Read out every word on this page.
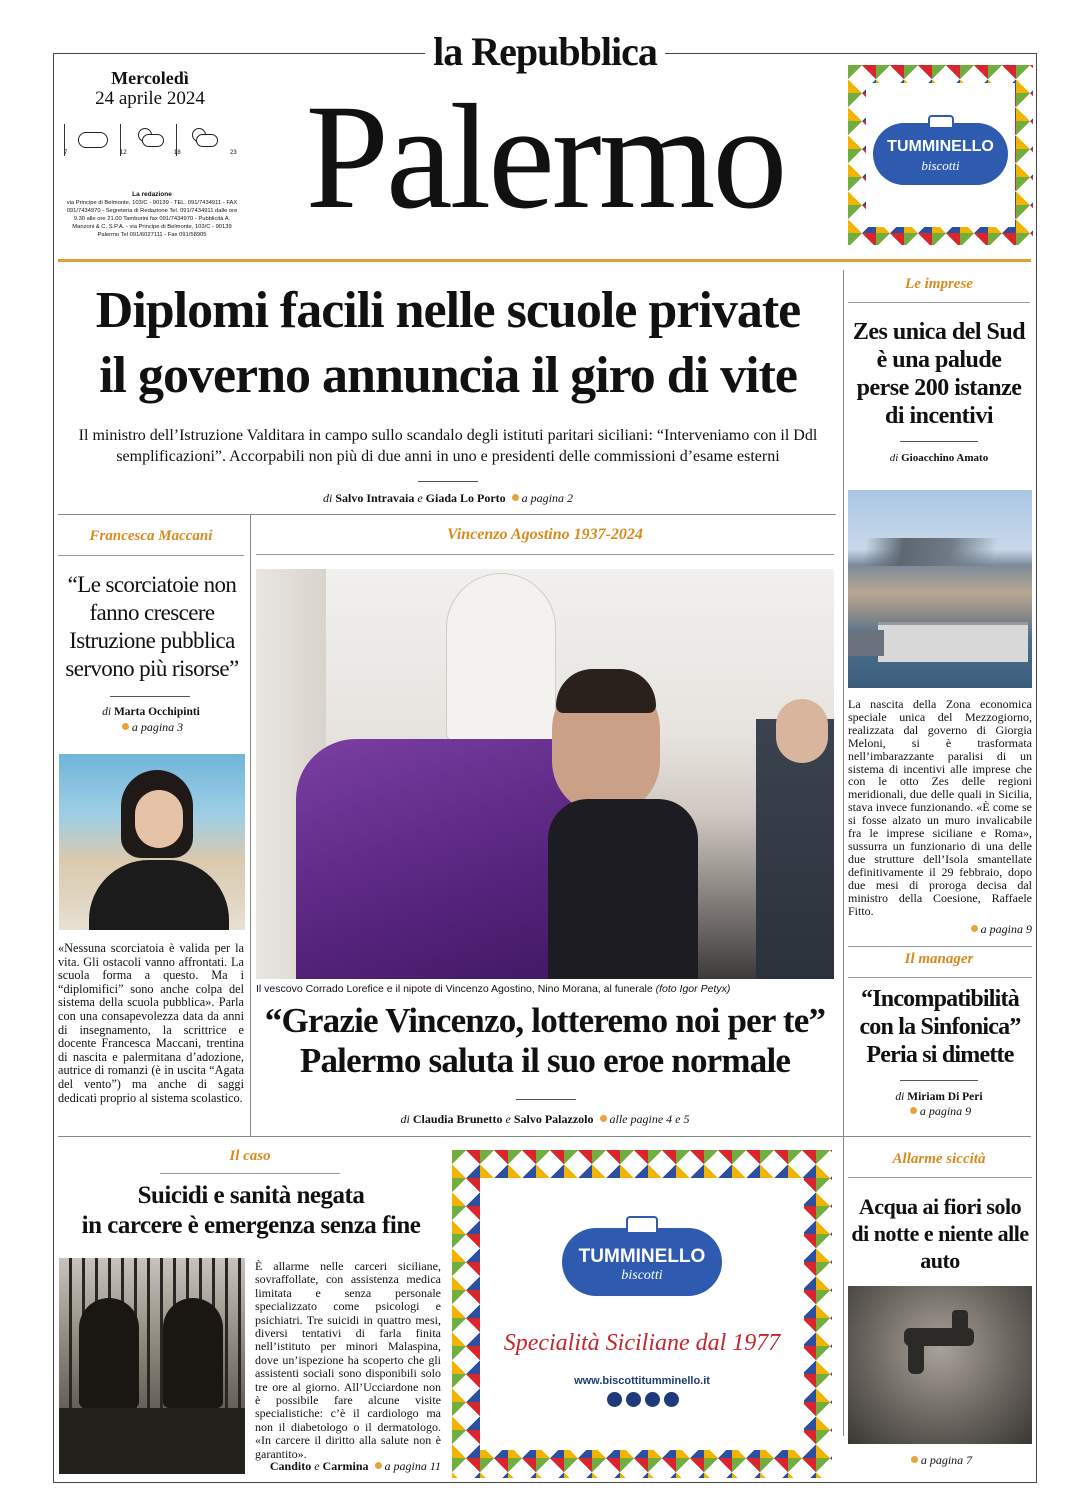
la Repubblica
Palermo
Mercoledì
24 aprile 2024
7	12	18	23
La redazione
via Principe di Belmonte, 103/C - 90139 - TEL. 091/7434911 - FAX 091/7434970 - Segreteria di Redazione Tel. 091/7434911 dalle ore 9.30 alle ore 21.00 Tamburini fax 091/7434970 - Pubblicità A. Manzoni & C. S.P.A. - via Principe di Belmonte, 103/C - 90139 Palermo Tel 091/6027111 - Fax 091/58905
TUMMINELLO
biscotti
Diplomi facili nelle scuole private
il governo annuncia il giro di vite
Il ministro dell’Istruzione Valditara in campo sullo scandalo degli istituti paritari siciliani: “Interveniamo con il Ddl semplificazioni”. Accorpabili non più di due anni in uno e presidenti delle commissioni d’esame esterni
di Salvo Intravaia e Giada Lo Porto a pagina 2
Le imprese
Zes unica del Sud è una palude perse 200 istanze di incentivi
di Gioacchino Amato
La nascita della Zona economica speciale unica del Mezzogiorno, realizzata dal governo di Giorgia Meloni, si è trasformata nell’imbarazzante paralisi di un sistema di incentivi alle imprese che con le otto Zes delle regioni meridionali, due delle quali in Sicilia, stava invece funzionando. «È come se si fosse alzato un muro invalicabile fra le imprese siciliane e Roma», sussurra un funzionario di una delle due strutture dell’Isola smantellate definitivamente il 29 febbraio, dopo due mesi di proroga decisa dal ministro della Coesione, Raffaele Fitto.
a pagina 9
Il manager
“Incompatibilità con la Sinfonica” Peria si dimette
di Miriam Di Peri
a pagina 9
Francesca Maccani
“Le scorciatoie non fanno crescere Istruzione pubblica servono più risorse”
di Marta Occhipinti
a pagina 3
«Nessuna scorciatoia è valida per la vita. Gli ostacoli vanno affrontati. La scuola forma a questo. Ma i “diplomifici” sono anche colpa del sistema della scuola pubblica». Parla con una consapevolezza data da anni di insegnamento, la scrittrice e docente Francesca Maccani, trentina di nascita e palermitana d’adozione, autrice di romanzi (è in uscita “Agata del vento”) ma anche di saggi dedicati proprio al sistema scolastico.
Vincenzo Agostino 1937-2024
Il vescovo Corrado Lorefice e il nipote di Vincenzo Agostino, Nino Morana, al funerale (foto Igor Petyx)
“Grazie Vincenzo, lotteremo noi per te”
Palermo saluta il suo eroe normale
di Claudia Brunetto e Salvo Palazzolo alle pagine 4 e 5
Il caso
Suicidi e sanità negata
in carcere è emergenza senza fine
È allarme nelle carceri siciliane, sovraffollate, con assistenza medica limitata e senza personale specializzato come psicologi e psichiatri. Tre suicidi in quattro mesi, diversi tentativi di farla finita nell’istituto per minori Malaspina, dove un’ispezione ha scoperto che gli assistenti sociali sono disponibili solo tre ore al giorno. All’Ucciardone non è possibile fare alcune visite specialistiche: c’è il cardiologo ma non il diabetologo o il dermatologo. «In carcere il diritto alla salute non è garantito».
Candito e Carmina a pagina 11
TUMMINELLO
biscotti
Specialità Siciliane dal 1977
www.biscottitumminello.it
Allarme siccità
Acqua ai fiori solo di notte e niente alle auto
a pagina 7
